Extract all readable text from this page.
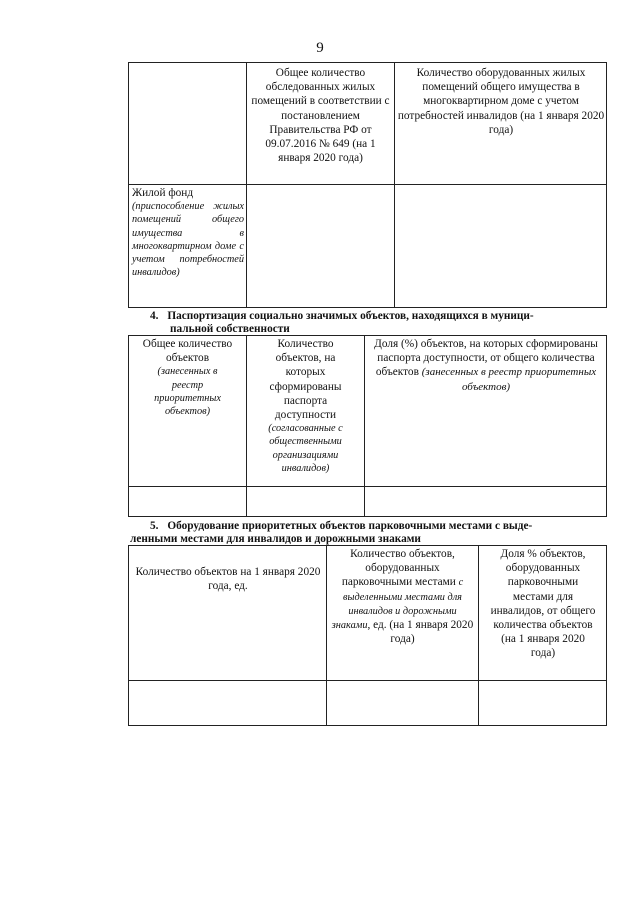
9
Общее количество обследованных жилых помещений в соответствии с постановлением Правительства РФ от 09.07.2016 № 649 (на 1 января 2020 года)
Количество оборудованных жилых помещений общего имущества в многоквартирном доме с учетом потребностей инвалидов (на 1 января 2020 года)
Жилой фонд
(приспособление жилых помещений общего имущества в многоквартирном доме с учетом потребностей инвалидов)
4. Паспортизация социально значимых объектов, находящихся в муници-
пальной собственности
Общее количество объектов
(занесенных в реестр приоритетных объектов)
Количество объектов, на которых сформированы паспорта доступности
(согласованные с общественными организациями инвалидов)
Доля (%) объектов, на которых сформированы паспорта доступности, от общего количества объектов (занесенных в реестр приоритетных объектов)
5. Оборудование приоритетных объектов парковочными местами с выде-
ленными местами для инвалидов и дорожными знаками
Количество объектов на 1 января 2020 года, ед.
Количество объектов, оборудованных парковочными местами с выделенными местами для инвалидов и дорожными знаками, ед. (на 1 января 2020 года)
Доля % объектов, оборудованных парковочными местами для инвалидов, от общего количества объектов (на 1 января 2020 года)
